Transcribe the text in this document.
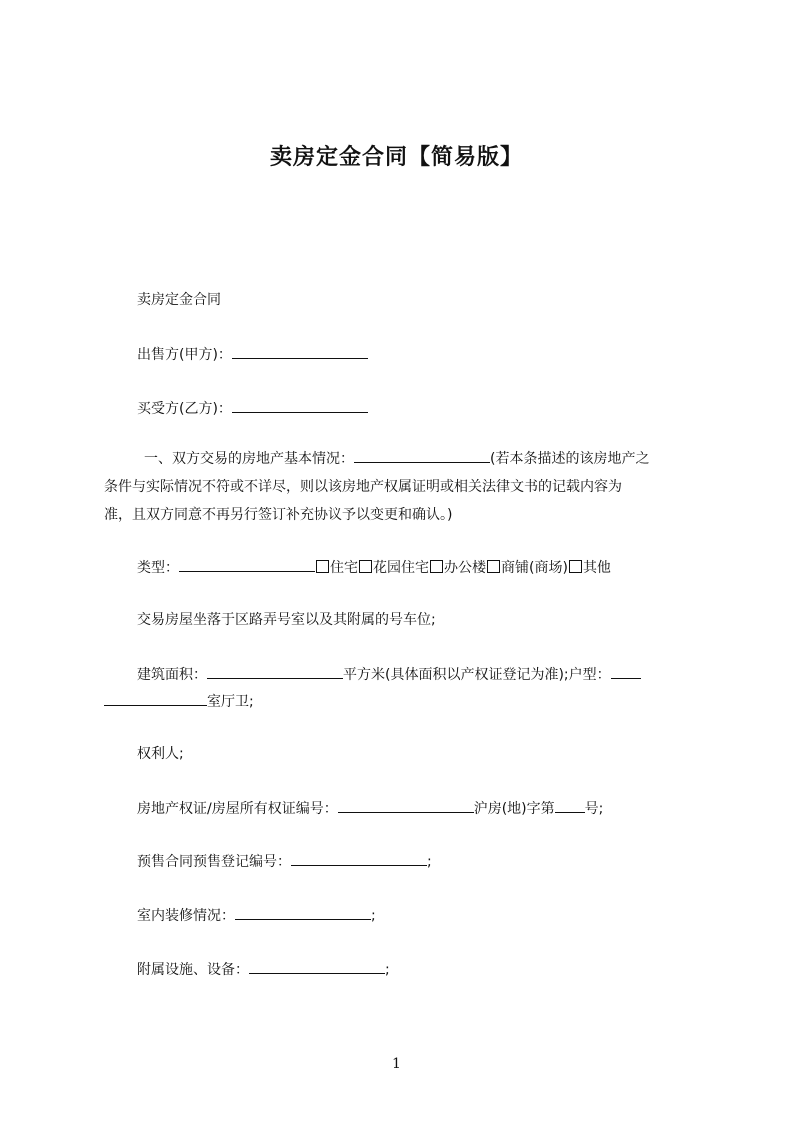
卖房定金合同【简易版】
卖房定金合同
出售方(甲方)：
买受方(乙方)：
一、双方交易的房地产基本情况：	(若本条描述的该房地产之
条件与实际情况不符或不详尽，则以该房地产权属证明或相关法律文书的记载内容为
准，且双方同意不再另行签订补充协议予以变更和确认。)
类型：	住宅 花园住宅 办公楼 商铺(商场) 其他
交易房屋坐落于区路弄号室以及其附属的号车位;
建筑面积：	平方米(具体面积以产权证登记为准);户型：
室厅卫;
权利人;
房地产权证/房屋所有权证编号：	沪房(地)字第 号;
预售合同预售登记编号：	;
室内装修情况：	;
附属设施、设备：	;
1
